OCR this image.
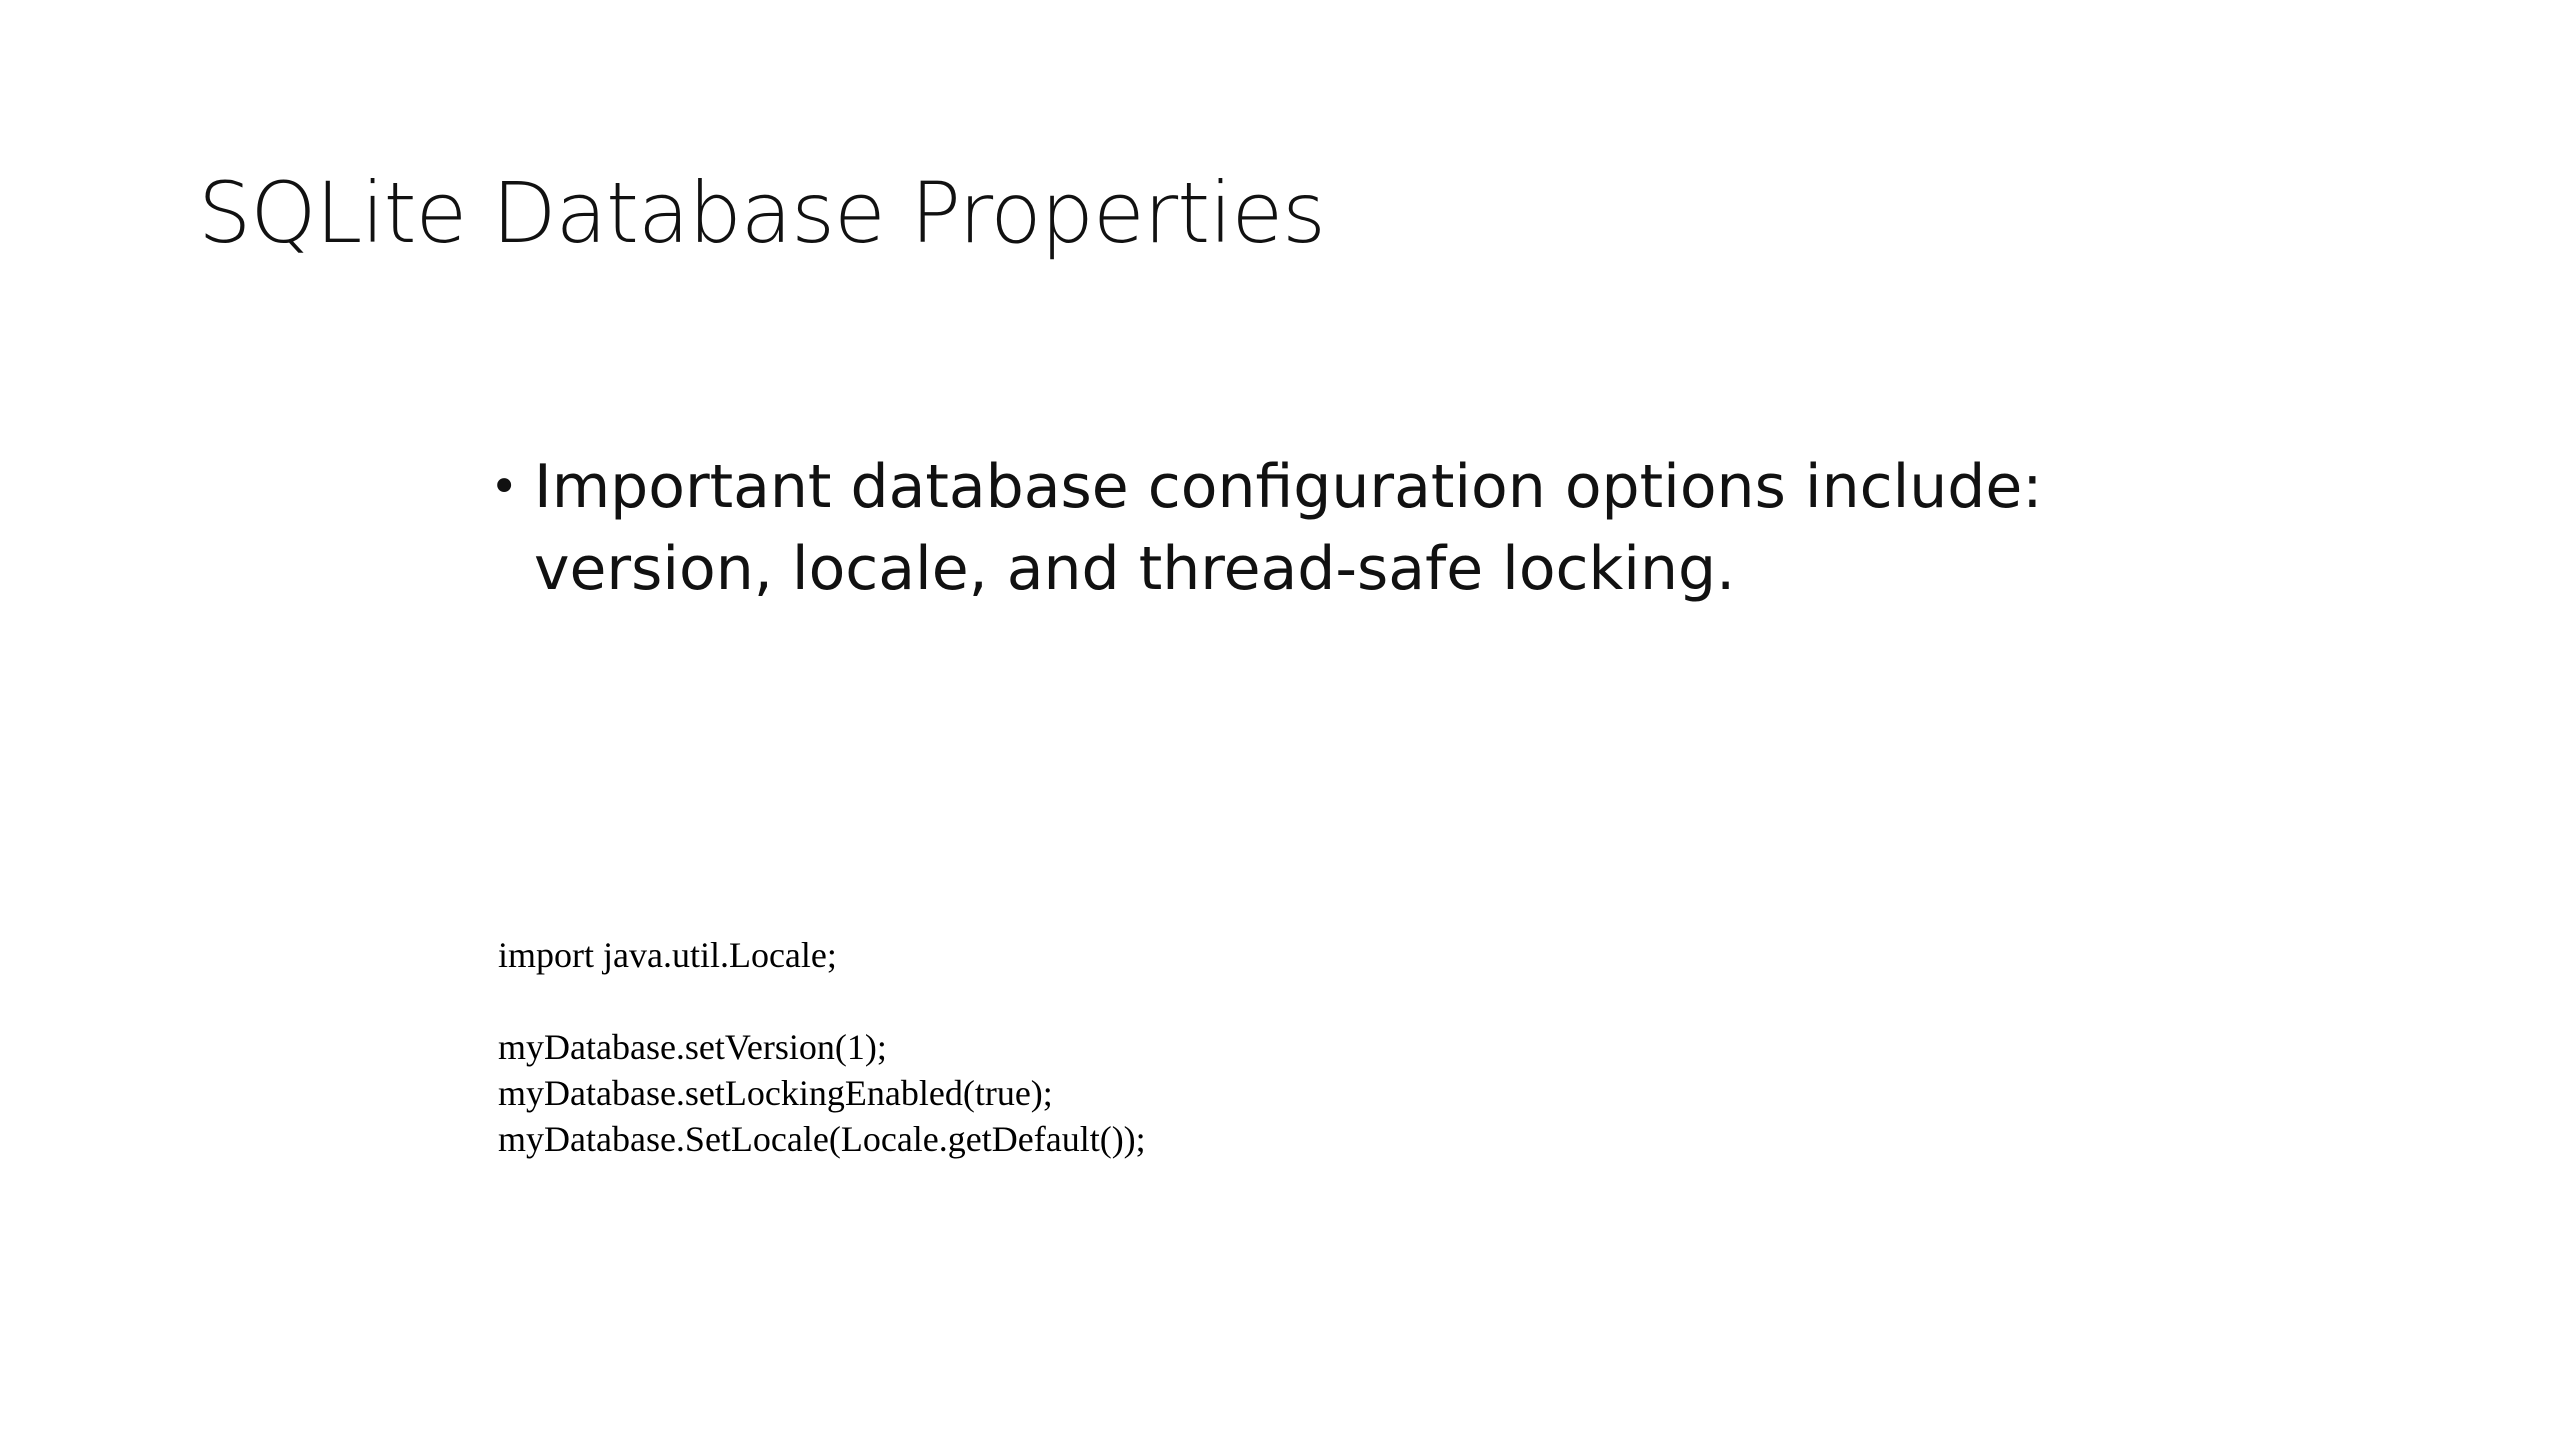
SQLite Database Properties
• Important database configuration options include:
version, locale, and thread-safe locking.
import java.util.Locale;
myDatabase.setVersion(1);
myDatabase.setLockingEnabled(true);
myDatabase.SetLocale(Locale.getDefault());
